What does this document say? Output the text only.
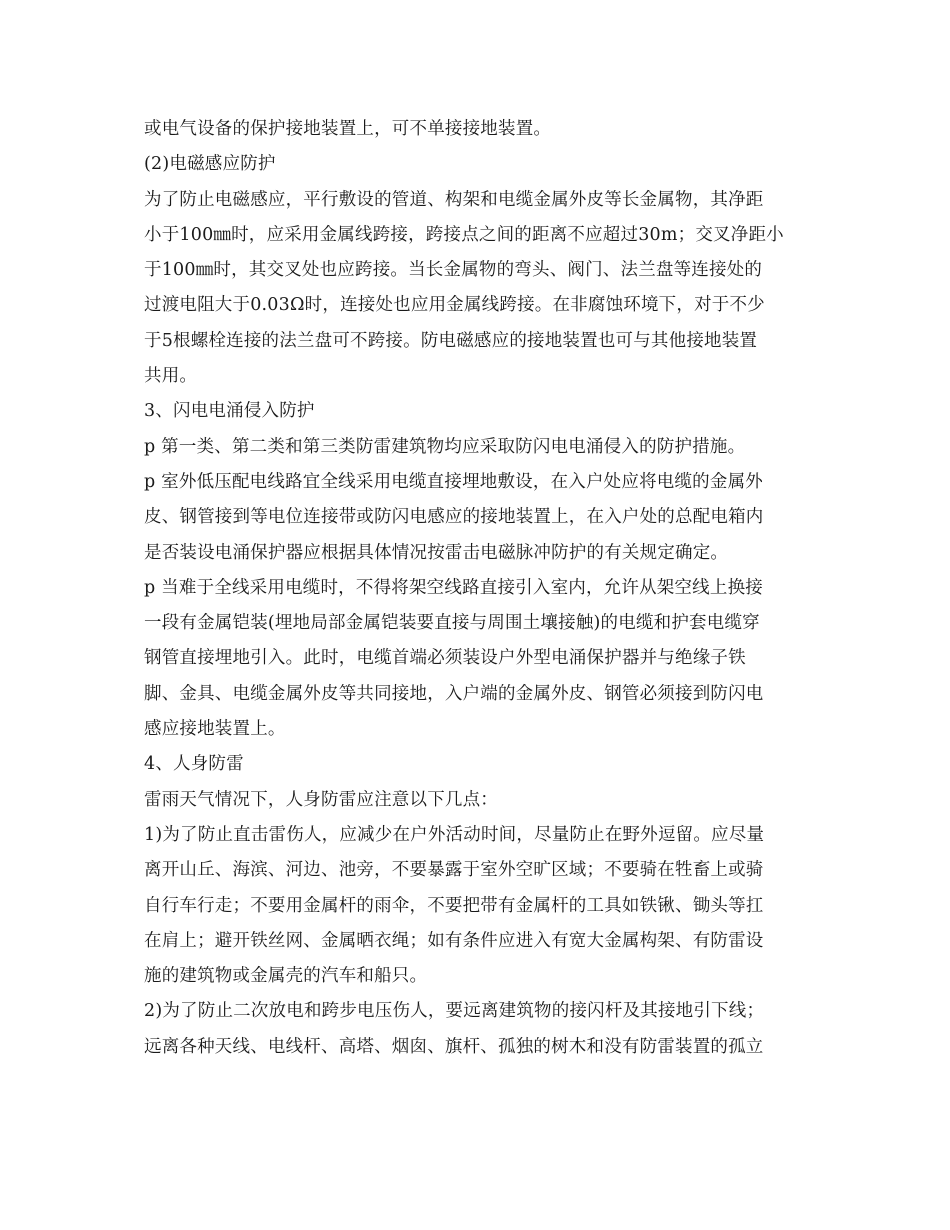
或电气设备的保护接地装置上，可不单接接地装置。

(2)电磁感应防护

为了防止电磁感应，平行敷设的管道、构架和电缆金属外皮等长金属物，其净距

小于100㎜时，应采用金属线跨接，跨接点之间的距离不应超过30m；交叉净距小

于100㎜时，其交叉处也应跨接。当长金属物的弯头、阀门、法兰盘等连接处的

过渡电阻大于0.03Ω时，连接处也应用金属线跨接。在非腐蚀环境下，对于不少

于5根螺栓连接的法兰盘可不跨接。防电磁感应的接地装置也可与其他接地装置

共用。

3、闪电电涌侵入防护

p 第一类、第二类和第三类防雷建筑物均应采取防闪电电涌侵入的防护措施。

p 室外低压配电线路宜全线采用电缆直接埋地敷设，在入户处应将电缆的金属外

皮、钢管接到等电位连接带或防闪电感应的接地装置上，在入户处的总配电箱内

是否装设电涌保护器应根据具体情况按雷击电磁脉冲防护的有关规定确定。

p 当难于全线采用电缆时，不得将架空线路直接引入室内，允许从架空线上换接

一段有金属铠装(埋地局部金属铠装要直接与周围土壤接触)的电缆和护套电缆穿

钢管直接埋地引入。此时，电缆首端必须装设户外型电涌保护器并与绝缘子铁

脚、金具、电缆金属外皮等共同接地，入户端的金属外皮、钢管必须接到防闪电

感应接地装置上。

4、人身防雷

雷雨天气情况下，人身防雷应注意以下几点：

1)为了防止直击雷伤人，应减少在户外活动时间，尽量防止在野外逗留。应尽量

离开山丘、海滨、河边、池旁，不要暴露于室外空旷区域；不要骑在牲畜上或骑

自行车行走；不要用金属杆的雨伞，不要把带有金属杆的工具如铁锹、锄头等扛

在肩上；避开铁丝网、金属晒衣绳；如有条件应进入有宽大金属构架、有防雷设

施的建筑物或金属壳的汽车和船只。

2)为了防止二次放电和跨步电压伤人，要远离建筑物的接闪杆及其接地引下线；

远离各种天线、电线杆、高塔、烟囱、旗杆、孤独的树木和没有防雷装置的孤立
